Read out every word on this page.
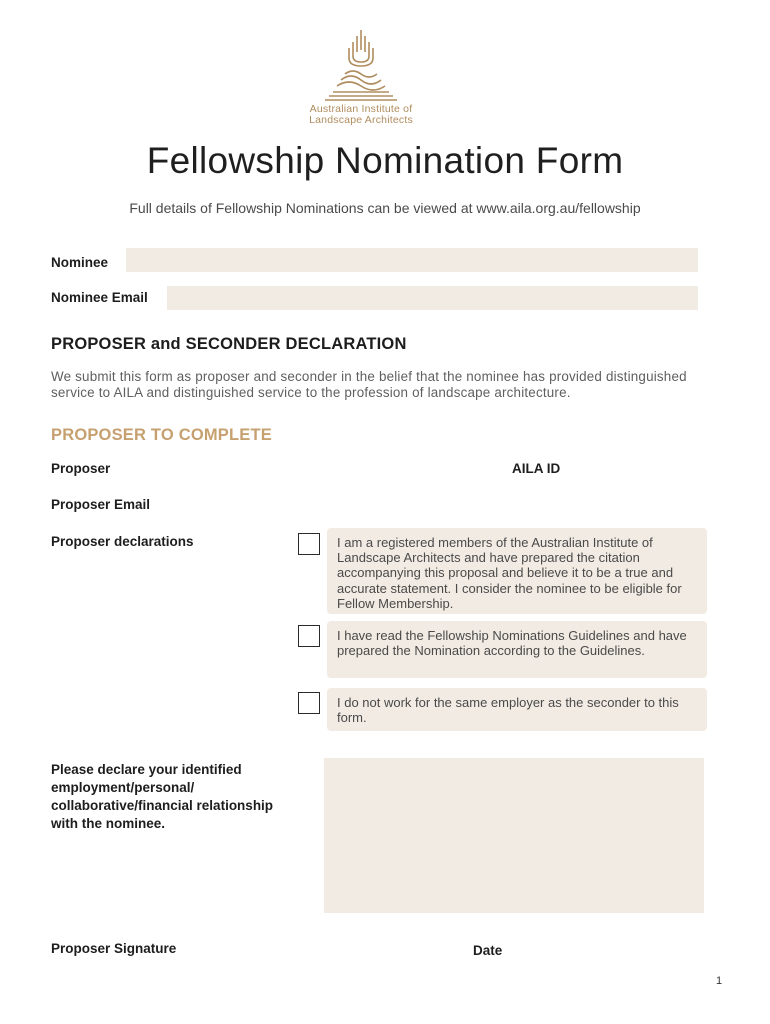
Australian Institute of
Landscape Architects
Fellowship Nomination Form
Full details of Fellowship Nominations can be viewed at www.aila.org.au/fellowship
Nominee
Nominee Email
PROPOSER and SECONDER DECLARATION
We submit this form as proposer and seconder in the belief that the nominee has provided distinguished service to AILA and distinguished service to the profession of landscape architecture.
PROPOSER TO COMPLETE
Proposer	AILA ID
Proposer Email
Proposer declarations	I am a registered members of the Australian Institute of Landscape Architects and have prepared the citation accompanying this proposal and believe it to be a true and accurate statement. I consider the nominee to be eligible for Fellow Membership.
I have read the Fellowship Nominations Guidelines and have prepared the Nomination according to the Guidelines.
I do not work for the same employer as the seconder to this form.
Please declare your identified employment/personal/ collaborative/financial relationship with the nominee.
Proposer Signature	Date
1
